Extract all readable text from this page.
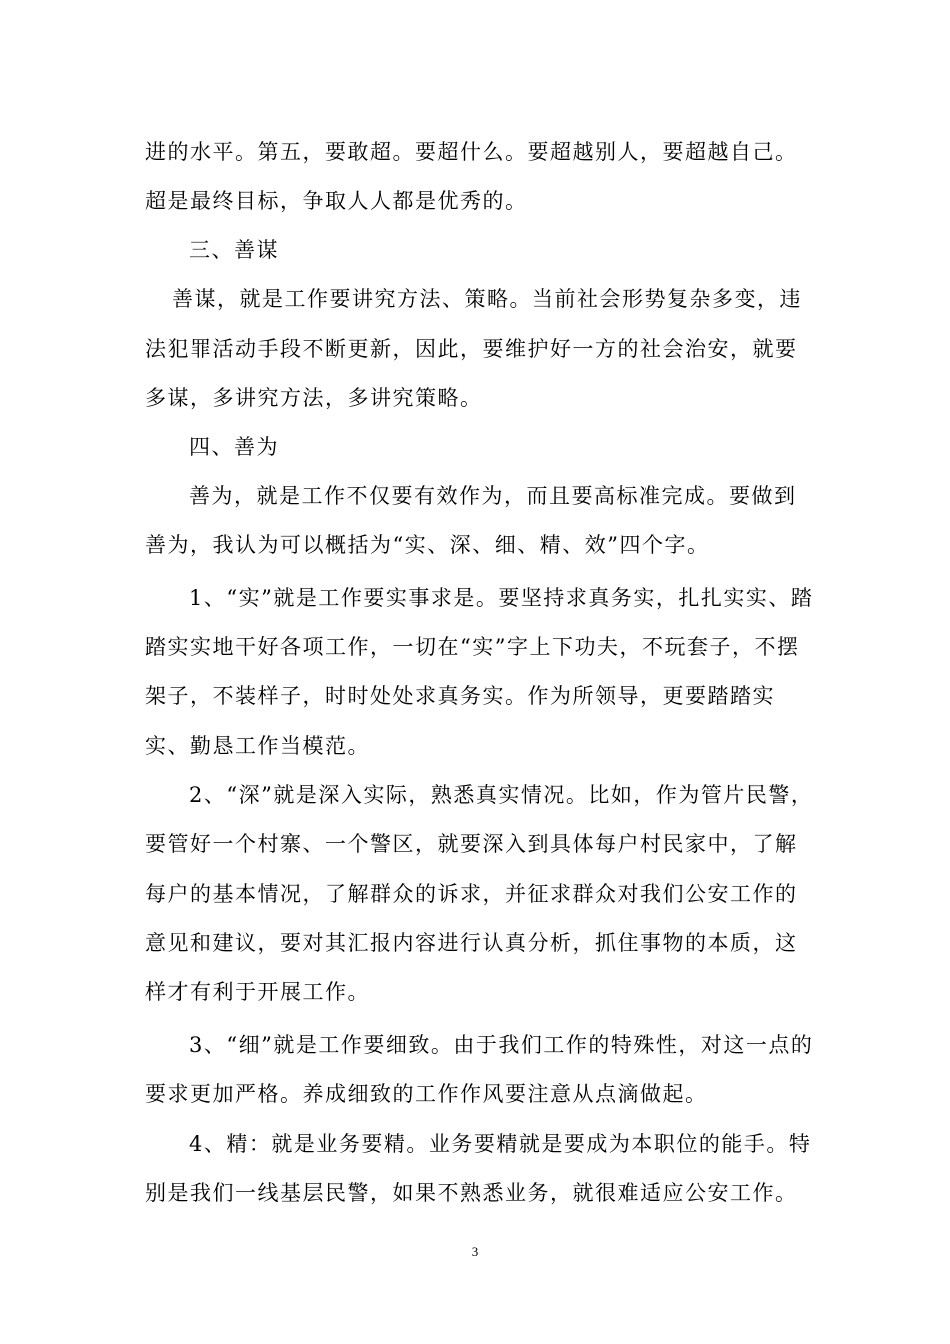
进的水平。第五，要敢超。要超什么。要超越别人，要超越自己。
超是最终目标，争取人人都是优秀的。
三、善谋
善谋，就是工作要讲究方法、策略。当前社会形势复杂多变，违
法犯罪活动手段不断更新，因此，要维护好一方的社会治安，就要
多谋，多讲究方法，多讲究策略。
四、善为
善为，就是工作不仅要有效作为，而且要高标准完成。要做到
善为，我认为可以概括为“实、深、细、精、效”四个字。
1、“实”就是工作要实事求是。要坚持求真务实，扎扎实实、踏
踏实实地干好各项工作，一切在“实”字上下功夫，不玩套子，不摆
架子，不装样子，时时处处求真务实。作为所领导，更要踏踏实
实、勤恳工作当模范。
2、“深”就是深入实际，熟悉真实情况。比如，作为管片民警，
要管好一个村寨、一个警区，就要深入到具体每户村民家中，了解
每户的基本情况，了解群众的诉求，并征求群众对我们公安工作的
意见和建议，要对其汇报内容进行认真分析，抓住事物的本质，这
样才有利于开展工作。
3、“细”就是工作要细致。由于我们工作的特殊性，对这一点的
要求更加严格。养成细致的工作作风要注意从点滴做起。
4、精：就是业务要精。业务要精就是要成为本职位的能手。特
别是我们一线基层民警，如果不熟悉业务，就很难适应公安工作。
3
